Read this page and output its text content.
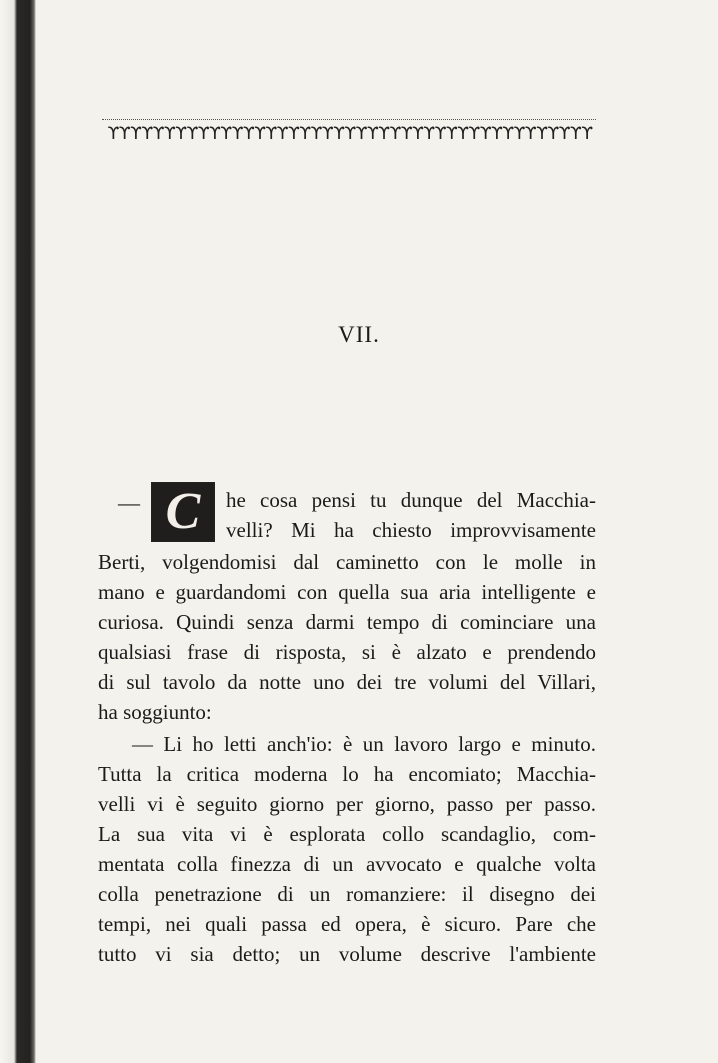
ϒϒϒϒϒϒϒϒϒϒϒϒϒϒϒϒϒϒϒϒϒϒϒϒϒϒϒϒϒϒϒϒϒϒϒϒϒϒϒϒϒϒϒ
VII.
— C he cosa pensi tu dunque del Macchia-
velli? Mi ha chiesto improvvisamente
Berti, volgendomisi dal caminetto con le molle in
mano e guardandomi con quella sua aria intelligente e
curiosa. Quindi senza darmi tempo di cominciare una
qualsiasi frase di risposta, si è alzato e prendendo
di sul tavolo da notte uno dei tre volumi del Villari,
ha soggiunto:
— Li ho letti anch'io: è un lavoro largo e minuto.
Tutta la critica moderna lo ha encomiato; Macchia-
velli vi è seguito giorno per giorno, passo per passo.
La sua vita vi è esplorata collo scandaglio, com-
mentata colla finezza di un avvocato e qualche volta
colla penetrazione di un romanziere: il disegno dei
tempi, nei quali passa ed opera, è sicuro. Pare che
tutto vi sia detto; un volume descrive l'ambiente
